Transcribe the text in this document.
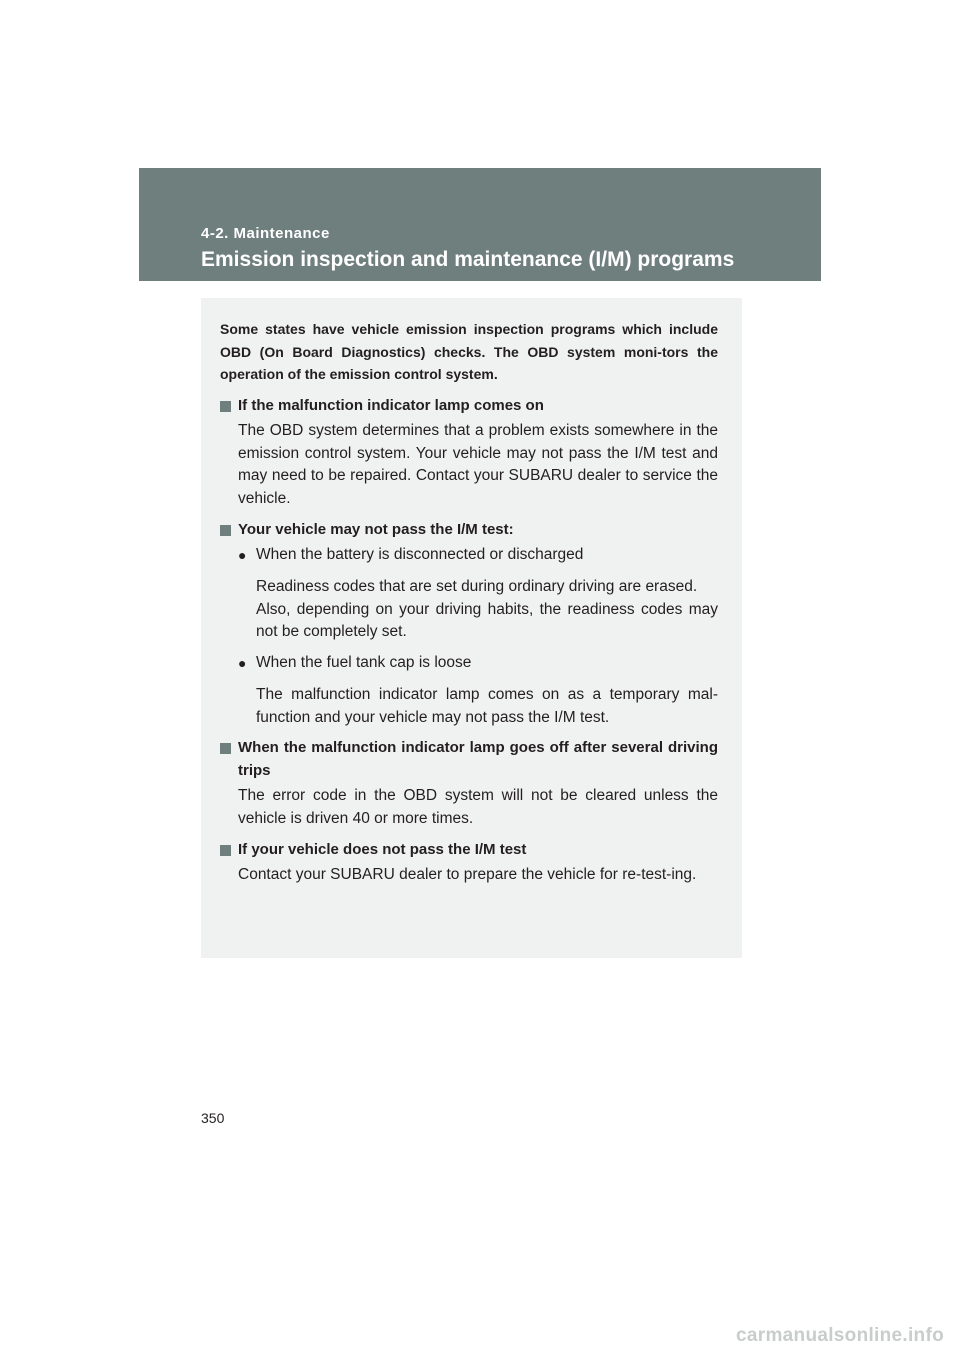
4-2. Maintenance
Emission inspection and maintenance (I/M) programs

Some states have vehicle emission inspection programs which include OBD (On Board Diagnostics) checks. The OBD system moni-tors the operation of the emission control system.

If the malfunction indicator lamp comes on
The OBD system determines that a problem exists somewhere in the emission control system. Your vehicle may not pass the I/M test and may need to be repaired. Contact your SUBARU dealer to service the vehicle.
Your vehicle may not pass the I/M test:
● When the battery is disconnected or discharged
Readiness codes that are set during ordinary driving are erased.
Also, depending on your driving habits, the readiness codes may not be completely set.
● When the fuel tank cap is loose
The malfunction indicator lamp comes on as a temporary mal-function and your vehicle may not pass the I/M test.
When the malfunction indicator lamp goes off after several driving trips
The error code in the OBD system will not be cleared unless the vehicle is driven 40 or more times.
If your vehicle does not pass the I/M test
Contact your SUBARU dealer to prepare the vehicle for re-test-ing.
350
carmanualsonline.info
